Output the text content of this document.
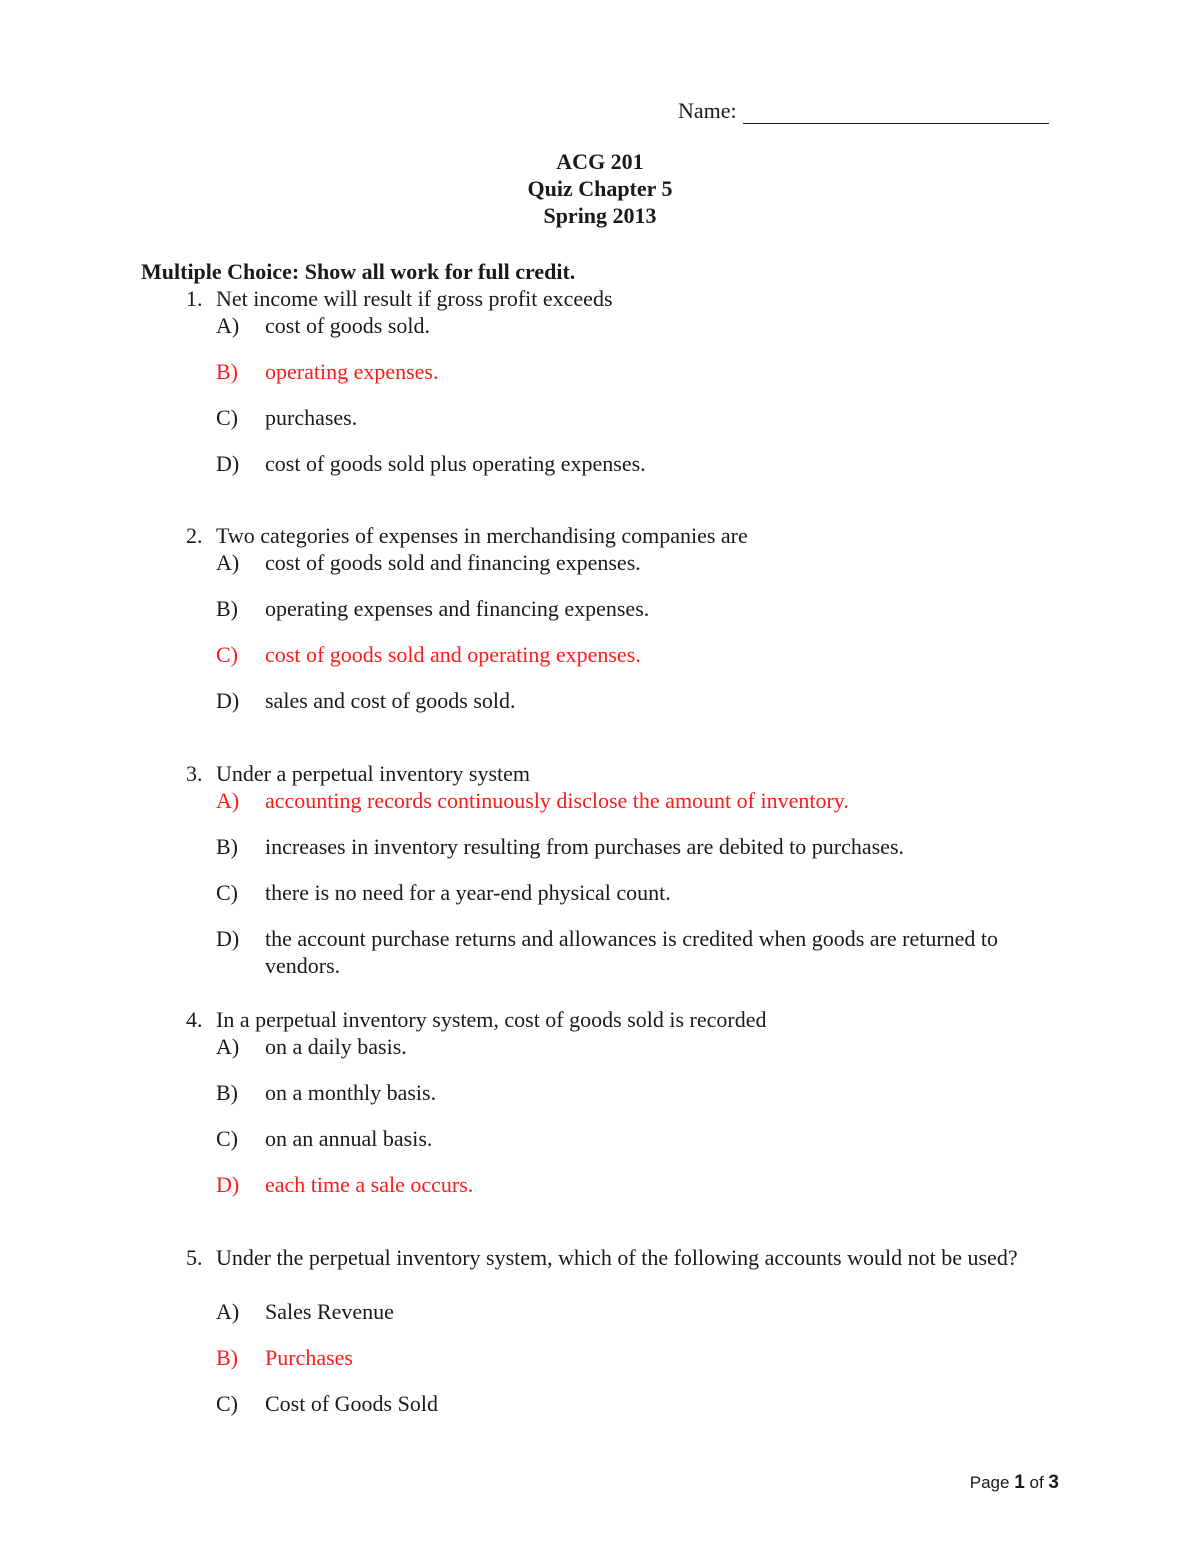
Name:
ACG 201
Quiz Chapter 5
Spring 2013
Multiple Choice: Show all work for full credit.
1. Net income will result if gross profit exceeds
A)	cost of goods sold.
B)	operating expenses.
C)	purchases.
D)	cost of goods sold plus operating expenses.
2. Two categories of expenses in merchandising companies are
A)	cost of goods sold and financing expenses.
B)	operating expenses and financing expenses.
C)	cost of goods sold and operating expenses.
D)	sales and cost of goods sold.
3. Under a perpetual inventory system
A)	accounting records continuously disclose the amount of inventory.
B)	increases in inventory resulting from purchases are debited to purchases.
C)	there is no need for a year-end physical count.
D)	the account purchase returns and allowances is credited when goods are returned to vendors.
4. In a perpetual inventory system, cost of goods sold is recorded
A)	on a daily basis.
B)	on a monthly basis.
C)	on an annual basis.
D)	each time a sale occurs.
5. Under the perpetual inventory system, which of the following accounts would not be used?
A)	Sales Revenue
B)	Purchases
C)	Cost of Goods Sold
Page 1 of 3
